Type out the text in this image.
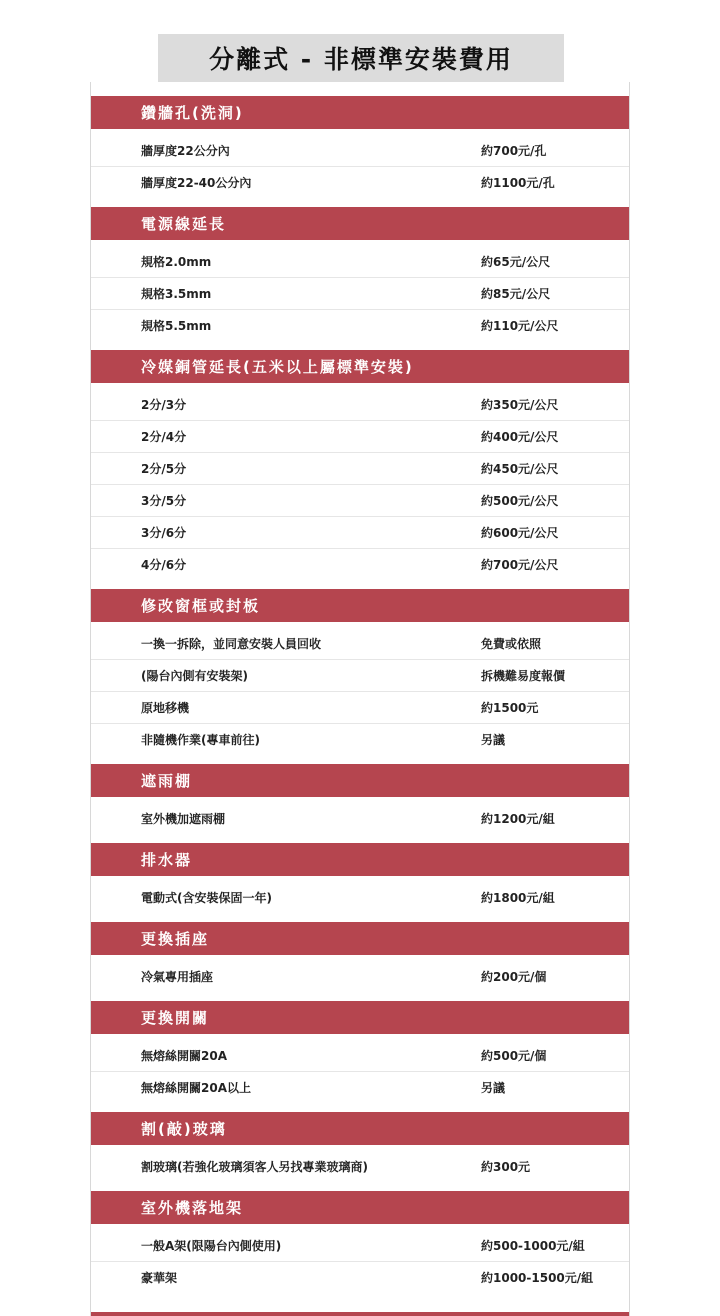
分離式 - 非標準安裝費用
鑽牆孔(洗洞)
牆厚度22公分內	約700元/孔
牆厚度22-40公分內	約1100元/孔
電源線延長
規格2.0mm	約65元/公尺
規格3.5mm	約85元/公尺
規格5.5mm	約110元/公尺
冷媒銅管延長(五米以上屬標準安裝)
2分/3分	約350元/公尺
2分/4分	約400元/公尺
2分/5分	約450元/公尺
3分/5分	約500元/公尺
3分/6分	約600元/公尺
4分/6分	約700元/公尺
修改窗框或封板
一換一拆除，並同意安裝人員回收	免費或依照
(陽台內側有安裝架)	拆機難易度報價
原地移機	約1500元
非隨機作業(專車前往)	另議
遮雨棚
室外機加遮雨棚	約1200元/組
排水器
電動式(含安裝保固一年)	約1800元/組
更換插座
冷氣專用插座	約200元/個
更換開關
無熔絲開關20A	約500元/個
無熔絲開關20A以上	另議
割(敲)玻璃
割玻璃(若強化玻璃須客人另找專業玻璃商)	約300元
室外機落地架
一般A架(限陽台內側使用)	約500-1000元/組
豪華架	約1000-1500元/組
